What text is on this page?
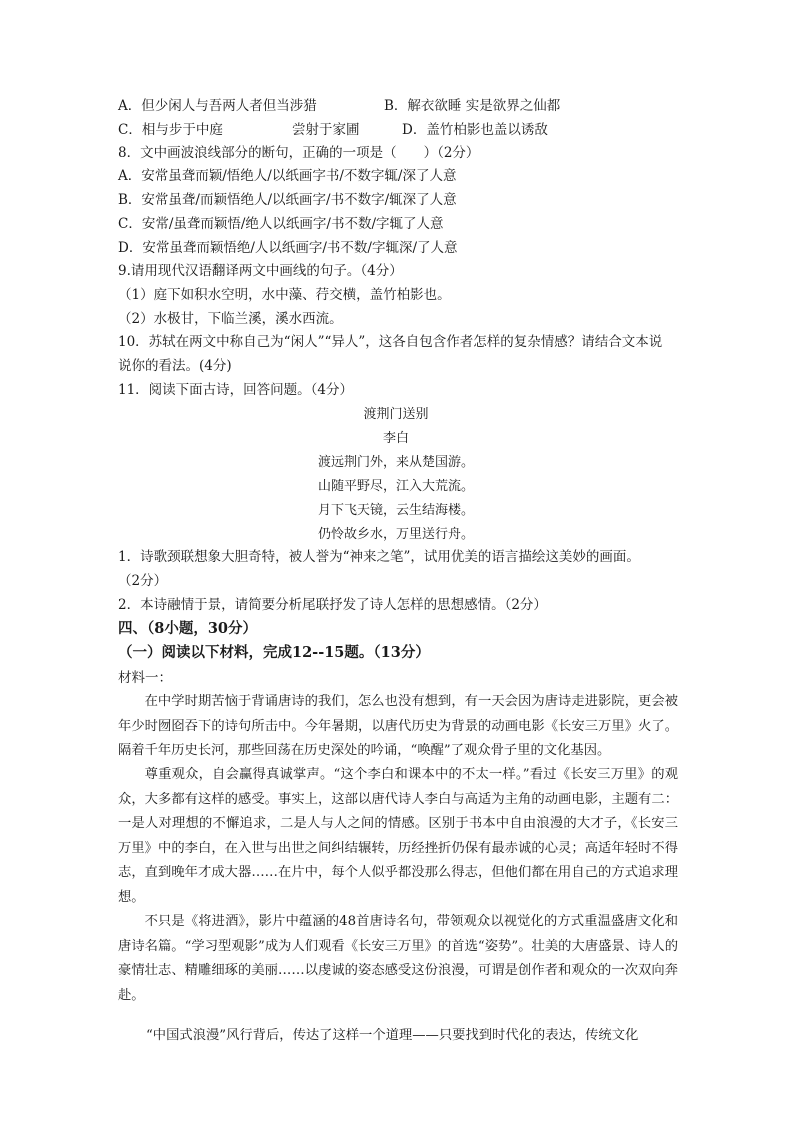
A．但少闲人与吾两人者但当涉猎	B．解衣欲睡 实是欲界之仙都
C．相与步于中庭	尝射于家圃	D．盖竹柏影也盖以诱敌
8．文中画波浪线部分的断句，正确的一项是（　　）（2分）
A．安常虽聋而颖/悟绝人/以纸画字书/不数字辄/深了人意
B．安常虽聋/而颖悟绝人/以纸画字/书不数字/辄深了人意
C．安常/虽聋而颖悟/绝人以纸画字/书不数/字辄了人意
D．安常虽聋而颖悟绝/人以纸画字/书不数/字辄深/了人意
9.请用现代汉语翻译两文中画线的句子。（4分）
（1）庭下如积水空明，水中藻、荇交横，盖竹柏影也。
（2）水极甘，下临兰溪，溪水西流。
10．苏轼在两文中称自己为“闲人”“异人”，这各自包含作者怎样的复杂情感？请结合文本说
说你的看法。(4分)
11．阅读下面古诗，回答问题。（4分）
渡荆门送别
李白
渡远荆门外，来从楚国游。
山随平野尽，江入大荒流。
月下飞天镜，云生结海楼。
仍怜故乡水，万里送行舟。
1．诗歌颈联想象大胆奇特，被人誉为“神来之笔”，试用优美的语言描绘这美妙的画面。
（2分）
2．本诗融情于景，请简要分析尾联抒发了诗人怎样的思想感情。（2分）
四、（8小题，30分）
（一）阅读以下材料，完成12--15题。（13分）
材料一：

在中学时期苦恼于背诵唐诗的我们，怎么也没有想到，有一天会因为唐诗走进影院，更会被年少时囫囵吞下的诗句所击中。今年暑期，以唐代历史为背景的动画电影《长安三万里》火了。隔着千年历史长河，那些回荡在历史深处的吟诵，“唤醒”了观众骨子里的文化基因。

尊重观众，自会赢得真诚掌声。“这个李白和课本中的不太一样。”看过《长安三万里》的观众，大多都有这样的感受。事实上，这部以唐代诗人李白与高适为主角的动画电影，主题有二：一是人对理想的不懈追求，二是人与人之间的情感。区别于书本中自由浪漫的大才子，《长安三万里》中的李白，在入世与出世之间纠结辗转，历经挫折仍保有最赤诚的心灵；高适年轻时不得志，直到晚年才成大器……在片中，每个人似乎都没那么得志，但他们都在用自己的方式追求理想。

不只是《将进酒》，影片中蕴涵的48首唐诗名句，带领观众以视觉化的方式重温盛唐文化和唐诗名篇。“学习型观影”成为人们观看《长安三万里》的首选“姿势”。壮美的大唐盛景、诗人的豪情壮志、精雕细琢的美丽……以虔诚的姿态感受这份浪漫，可谓是创作者和观众的一次双向奔赴。

“中国式浪漫”风行背后，传达了这样一个道理——只要找到时代化的表达，传统文化
